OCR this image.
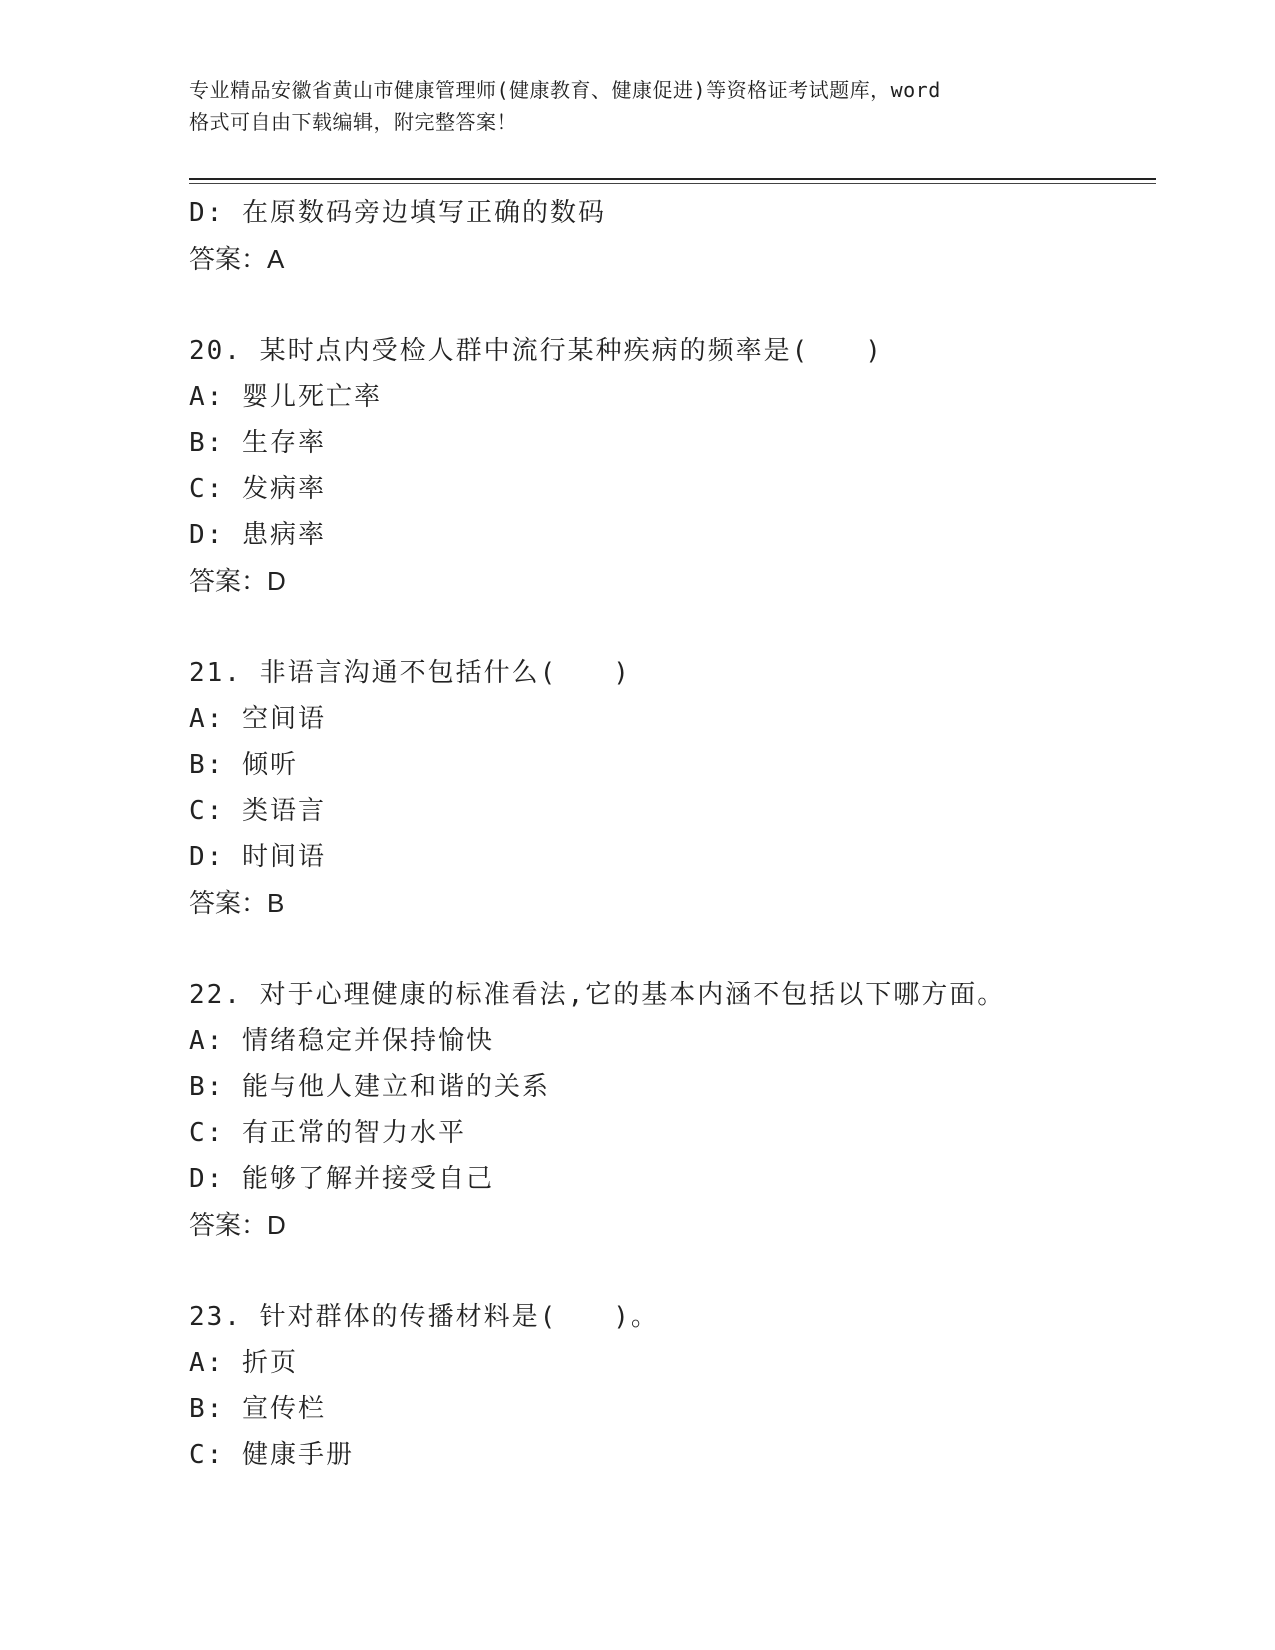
专业精品安徽省黄山市健康管理师(健康教育、健康促进)等资格证考试题库，word
格式可自由下载编辑，附完整答案！
D: 在原数码旁边填写正确的数码
答案：A
20. 某时点内受检人群中流行某种疾病的频率是(　　)
A: 婴儿死亡率
B: 生存率
C: 发病率
D: 患病率
答案：D
21. 非语言沟通不包括什么(　　)
A: 空间语
B: 倾听
C: 类语言
D: 时间语
答案：B
22. 对于心理健康的标准看法,它的基本内涵不包括以下哪方面。
A: 情绪稳定并保持愉快
B: 能与他人建立和谐的关系
C: 有正常的智力水平
D: 能够了解并接受自己
答案：D
23. 针对群体的传播材料是(　　)。
A: 折页
B: 宣传栏
C: 健康手册
